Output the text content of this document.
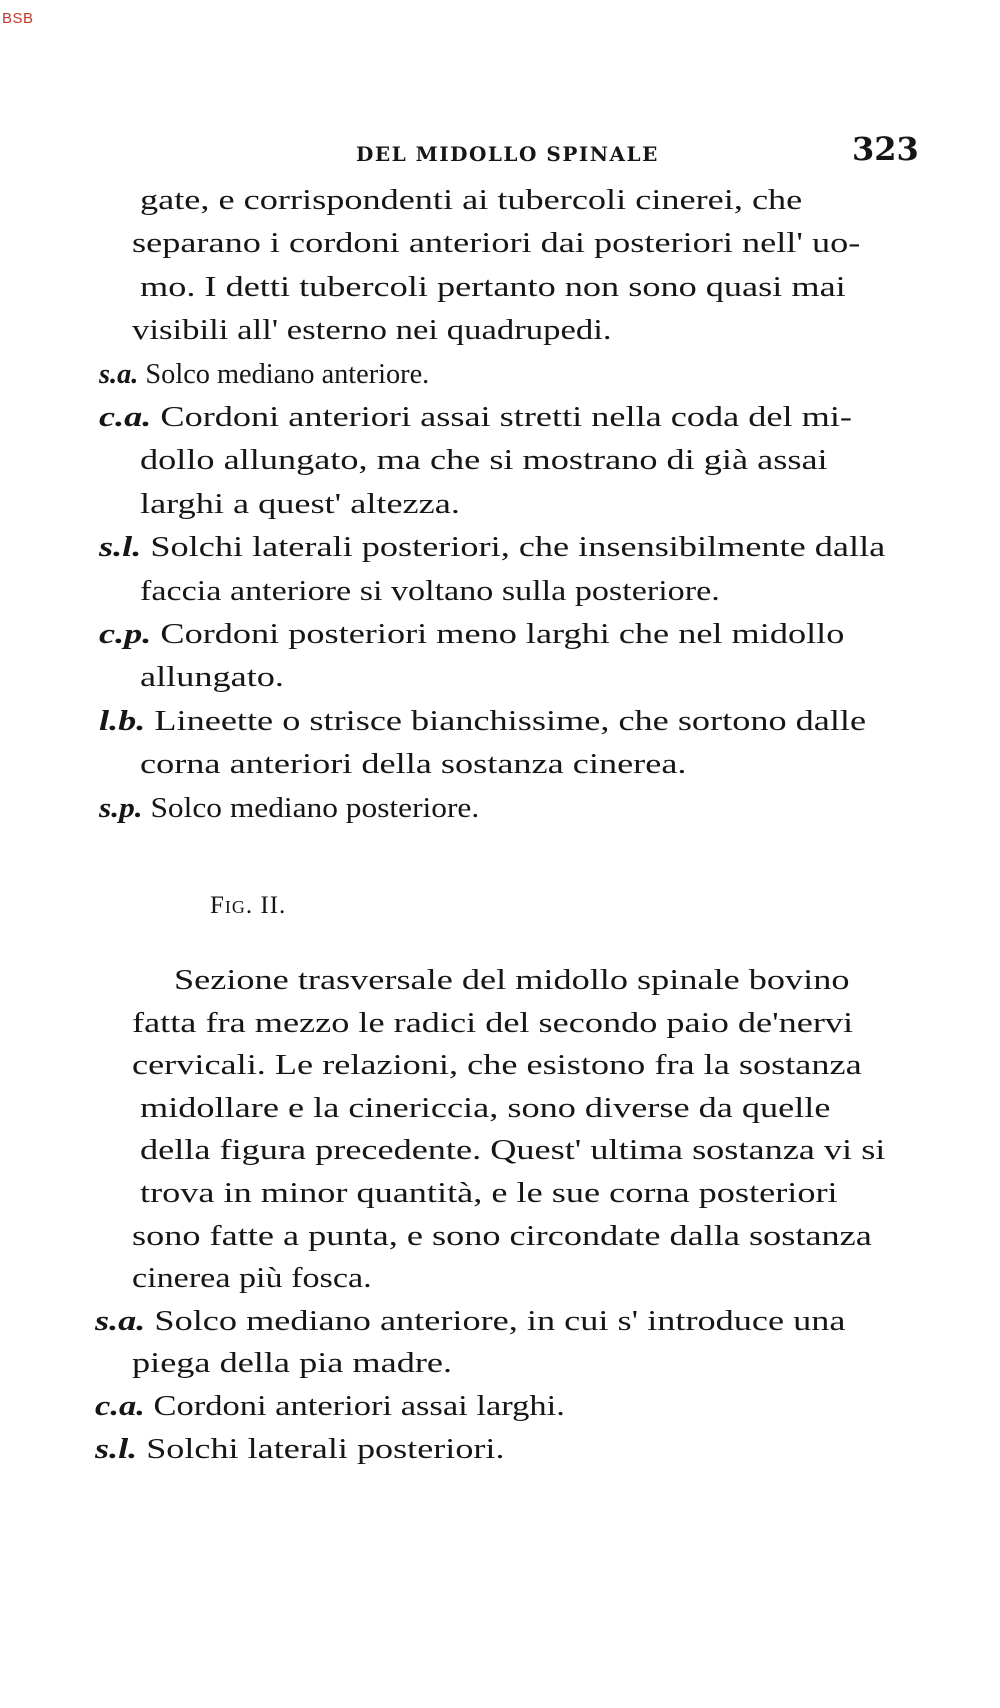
BSB
DEL MIDOLLO SPINALE	323
gate, e corrispondenti ai tubercoli cinerei, che
separano i cordoni anteriori dai posteriori nell' uo-
mo. I detti tubercoli pertanto non sono quasi mai
visibili all' esterno nei quadrupedi.
s.a. Solco mediano anteriore.
c.a. Cordoni anteriori assai stretti nella coda del mi-
dollo allungato, ma che si mostrano di già assai
larghi a quest' altezza.
s.l. Solchi laterali posteriori, che insensibilmente dalla
faccia anteriore si voltano sulla posteriore.
c.p. Cordoni posteriori meno larghi che nel midollo
allungato.
l.b. Lineette o strisce bianchissime, che sortono dalle
corna anteriori della sostanza cinerea.
s.p. Solco mediano posteriore.
Fig. II.
Sezione trasversale del midollo spinale bovino
fatta fra mezzo le radici del secondo paio de'nervi
cervicali. Le relazioni, che esistono fra la sostanza
midollare e la cinericcia, sono diverse da quelle
della figura precedente. Quest' ultima sostanza vi si
trova in minor quantità, e le sue corna posteriori
sono fatte a punta, e sono circondate dalla sostanza
cinerea più fosca.
s.a. Solco mediano anteriore, in cui s' introduce una
piega della pia madre.
c.a. Cordoni anteriori assai larghi.
s.l. Solchi laterali posteriori.
